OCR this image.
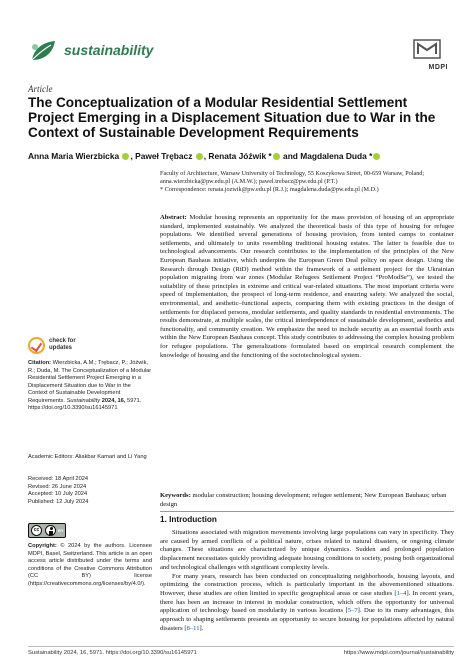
sustainability
MDPI
Article
The Conceptualization of a Modular Residential Settlement Project Emerging in a Displacement Situation due to War in the Context of Sustainable Development Requirements
Anna Maria Wierzbicka , Paweł Trębacz , Renata Jóźwik * and Magdalena Duda *
Faculty of Architecture, Warsaw University of Technology, 55 Koszykowa Street, 00-659 Warsaw, Poland;
anna.wierzbicka@pw.edu.pl (A.M.W.); pawel.trebacz@pw.edu.pl (P.T.)
* Correspondence: renata.jozwik@pw.edu.pl (R.J.); magdalena.duda@pw.edu.pl (M.D.)
Abstract: Modular housing represents an opportunity for the mass provision of housing of an appropriate standard, implemented sustainably. We analyzed the theoretical basis of this type of housing for refugee populations. We identified several generations of housing provision, from tented camps to container settlements, and ultimately to units resembling traditional housing estates. The latter is feasible due to technological advancements. Our research contributes to the implementation of the principles of the New European Bauhaus initiative, which underpins the European Green Deal policy on space design. Using the Research through Design (RtD) method within the framework of a settlement project for the Ukrainian population migrating from war zones (Modular Refugees Settlement Project “ProModSe”), we tested the suitability of these principles in extreme and critical war-related situations. The most important criteria were speed of implementation, the prospect of long-term residence, and ensuring safety. We analyzed the social, environmental, and aesthetic–functional aspects, comparing them with existing practices in the design of settlements for displaced persons, modular settlements, and quality standards in residential environments. The results demonstrate, at multiple scales, the critical interdependence of sustainable development, aesthetics and functionality, and community creation. We emphasize the need to include security as an essential fourth axis within the New European Bauhaus concept. This study contributes to addressing the complex housing problem for refugee populations. The generalizations formulated based on empirical research complement the knowledge of housing and the functioning of the sociotechnological system.
Keywords: modular construction; housing development; refugee settlement; New European Bauhaus; urban design
check for
updates
Citation: Wierzbicka, A.M.; Trębacz, P.; Jóźwik, R.; Duda, M. The Conceptualization of a Modular Residential Settlement Project Emerging in a Displacement Situation due to War in the Context of Sustainable Development Requirements. Sustainability 2024, 16, 5971. https://doi.org/10.3390/su16145971
Academic Editors: Aliakbar Kamari and Li Yang
Received: 18 April 2024
Revised: 26 June 2024
Accepted: 10 July 2024
Published: 12 July 2024
cc	BY
Copyright: © 2024 by the authors. Licensee MDPI, Basel, Switzerland. This article is an open access article distributed under the terms and conditions of the Creative Commons Attribution (CC BY) license (https://creativecommons.org/licenses/by/4.0/).
1. Introduction

Situations associated with migration movements involving large populations can vary in specificity. They are caused by armed conflicts of a political nature, crises related to natural disasters, or ongoing climate changes. These situations are characterized by unique dynamics. Sudden and prolonged population displacement necessitates quickly providing adequate housing conditions to society, posing both organizational and technological challenges with significant complexity levels.

For many years, research has been conducted on conceptualizing neighborhoods, housing layouts, and optimizing the construction process, which is particularly important in the abovementioned situations. However, these studies are often limited to specific geographical areas or case studies [1–4]. In recent years, there has been an increase in interest in modular construction, which offers the opportunity for universal application of technology based on modularity in various locations [5–7]. Due to its many advantages, this approach to shaping settlements presents an opportunity to secure housing for populations affected by natural disasters [8–11].

Sustainability 2024, 16, 5971. https://doi.org/10.3390/su16145971	https://www.mdpi.com/journal/sustainability
